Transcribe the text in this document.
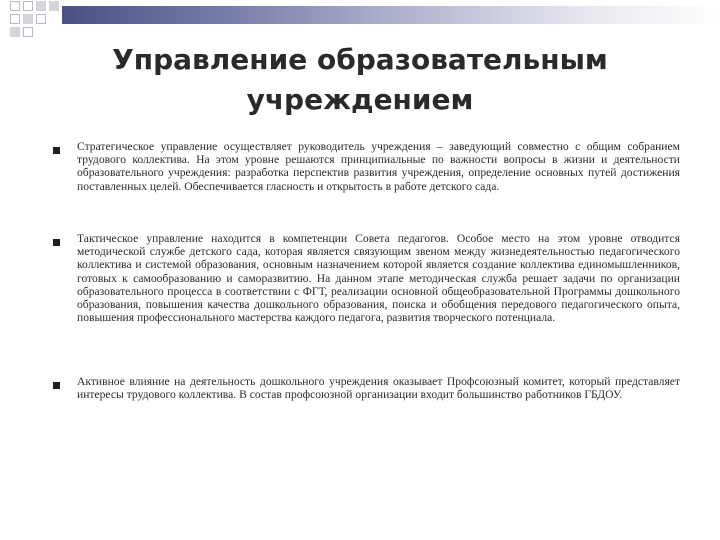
Управление образовательным
учреждением
Стратегическое управление осуществляет руководитель учреждения – заведующий совместно с общим собранием трудового коллектива. На этом уровне решаются принципиальные по важности вопросы в жизни и деятельности образовательного учреждения: разработка перспектив развития учреждения, определение основных путей достижения поставленных целей. Обеспечивается гласность и открытость в работе детского сада.
Тактическое управление находится в компетенции Совета педагогов. Особое место на этом уровне отводится методической службе детского сада, которая является связующим звеном между жизнедеятельностью педагогического коллектива и системой образования, основным назначением которой является создание коллектива единомышленников, готовых к самообразованию и саморазвитию. На данном этапе методическая служба решает задачи по организации образовательного процесса в соответствии с ФГТ, реализации основной общеобразовательной Программы дошкольного образования, повышения качества дошкольного образования, поиска и обобщения передового педагогического опыта, повышения профессионального мастерства каждого педагога, развития творческого потенциала.
Активное влияние на деятельность дошкольного учреждения оказывает Профсоюзный комитет, который представляет интересы трудового коллектива. В состав профсоюзной организации входит большинство работников ГБДОУ.
